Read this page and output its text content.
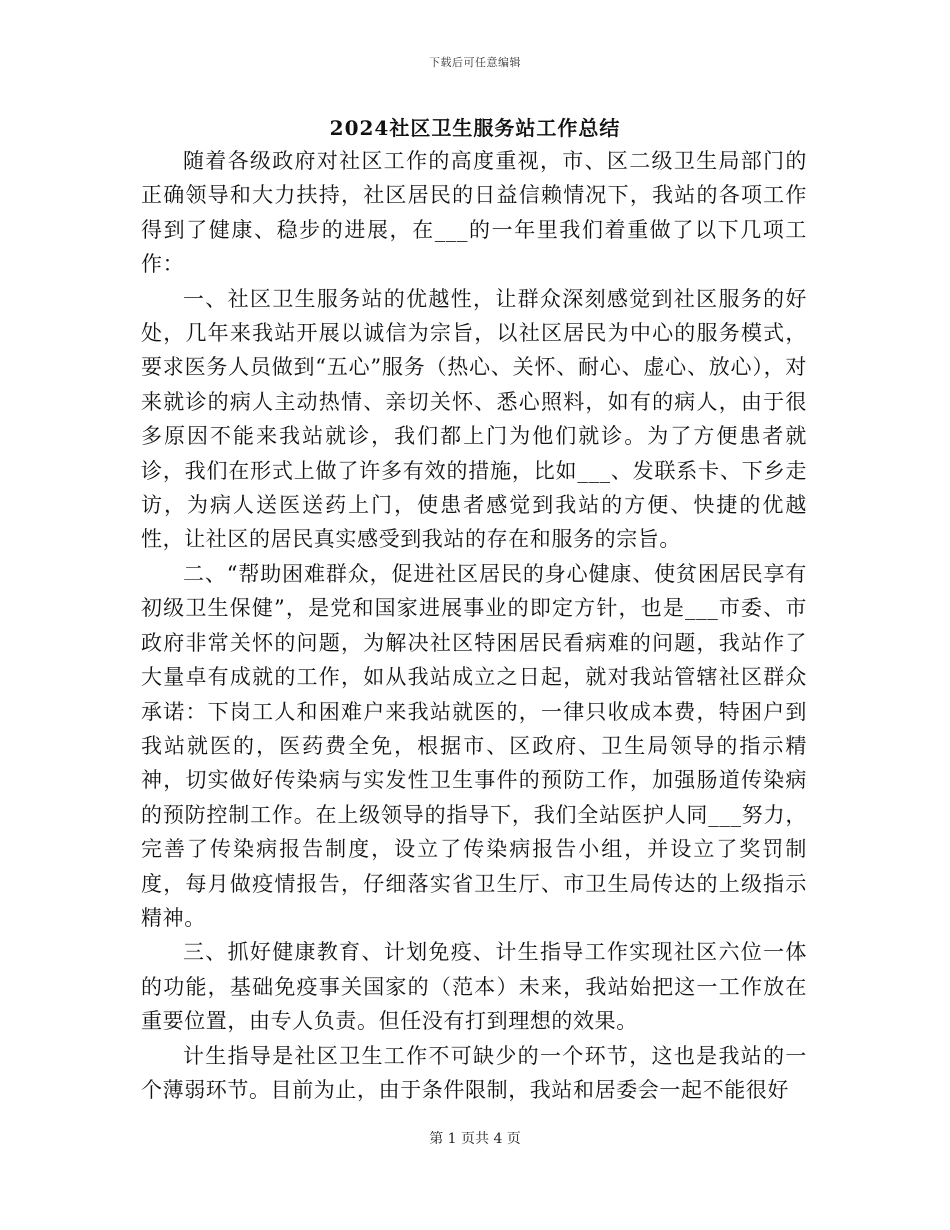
下载后可任意编辑
2024社区卫生服务站工作总结

随着各级政府对社区工作的高度重视，市、区二级卫生局部门的正确领导和大力扶持，社区居民的日益信赖情况下，我站的各项工作得到了健康、稳步的进展，在___的一年里我们着重做了以下几项工作：

一、社区卫生服务站的优越性，让群众深刻感觉到社区服务的好处，几年来我站开展以诚信为宗旨，以社区居民为中心的服务模式，要求医务人员做到“五心”服务（热心、关怀、耐心、虚心、放心），对来就诊的病人主动热情、亲切关怀、悉心照料，如有的病人，由于很多原因不能来我站就诊，我们都上门为他们就诊。为了方便患者就诊，我们在形式上做了许多有效的措施，比如___、发联系卡、下乡走访，为病人送医送药上门，使患者感觉到我站的方便、快捷的优越性，让社区的居民真实感受到我站的存在和服务的宗旨。

二、“帮助困难群众，促进社区居民的身心健康、使贫困居民享有初级卫生保健”，是党和国家进展事业的即定方针，也是___市委、市政府非常关怀的问题，为解决社区特困居民看病难的问题，我站作了大量卓有成就的工作，如从我站成立之日起，就对我站管辖社区群众承诺：下岗工人和困难户来我站就医的，一律只收成本费，特困户到我站就医的，医药费全免，根据市、区政府、卫生局领导的指示精神，切实做好传染病与实发性卫生事件的预防工作，加强肠道传染病的预防控制工作。在上级领导的指导下，我们全站医护人同___努力，完善了传染病报告制度，设立了传染病报告小组，并设立了奖罚制度，每月做疫情报告，仔细落实省卫生厅、市卫生局传达的上级指示精神。

三、抓好健康教育、计划免疫、计生指导工作实现社区六位一体的功能，基础免疫事关国家的（范本）未来，我站始把这一工作放在重要位置，由专人负责。但任没有打到理想的效果。

计生指导是社区卫生工作不可缺少的一个环节，这也是我站的一个薄弱环节。目前为止，由于条件限制，我站和居委会一起不能很好

第 1 页共 4 页
